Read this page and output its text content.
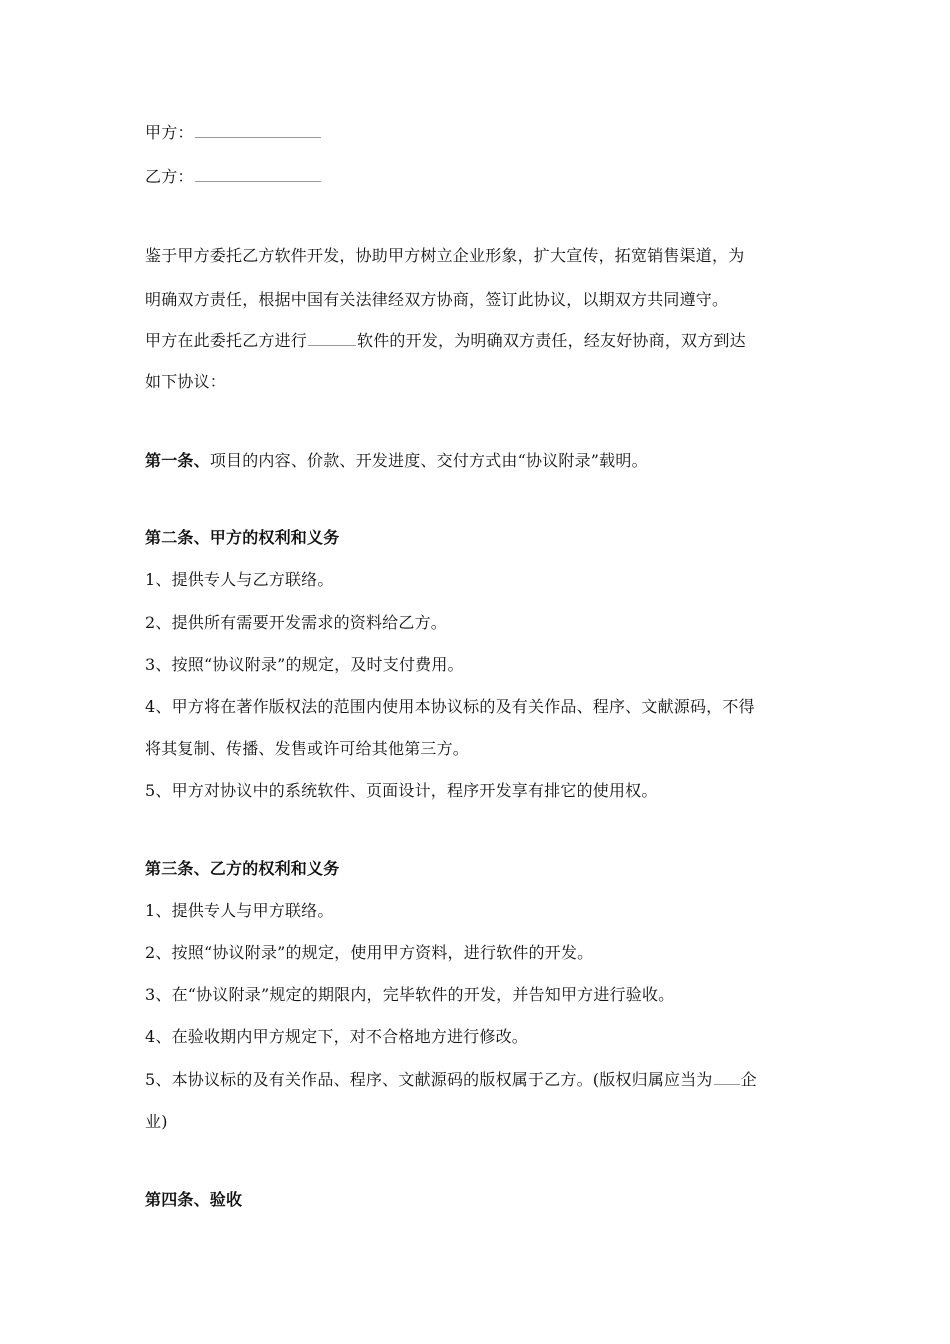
甲方：
乙方：
鉴于甲方委托乙方软件开发，协助甲方树立企业形象，扩大宣传，拓宽销售渠道，为
明确双方责任，根据中国有关法律经双方协商，签订此协议，以期双方共同遵守。
甲方在此委托乙方进行	软件的开发，为明确双方责任，经友好协商，双方到达
如下协议：
第一条、项目的内容、价款、开发进度、交付方式由“协议附录”载明。
第二条、甲方的权利和义务
1、提供专人与乙方联络。
2、提供所有需要开发需求的资料给乙方。
3、按照“协议附录”的规定，及时支付费用。
4、甲方将在著作版权法的范围内使用本协议标的及有关作品、程序、文献源码，不得
将其复制、传播、发售或许可给其他第三方。
5、甲方对协议中的系统软件、页面设计，程序开发享有排它的使用权。
第三条、乙方的权利和义务
1、提供专人与甲方联络。
2、按照“协议附录”的规定，使用甲方资料，进行软件的开发。
3、在“协议附录”规定的期限内，完毕软件的开发，并告知甲方进行验收。
4、在验收期内甲方规定下，对不合格地方进行修改。
5、本协议标的及有关作品、程序、文献源码的版权属于乙方。(版权归属应当为 企
业)
第四条、验收
